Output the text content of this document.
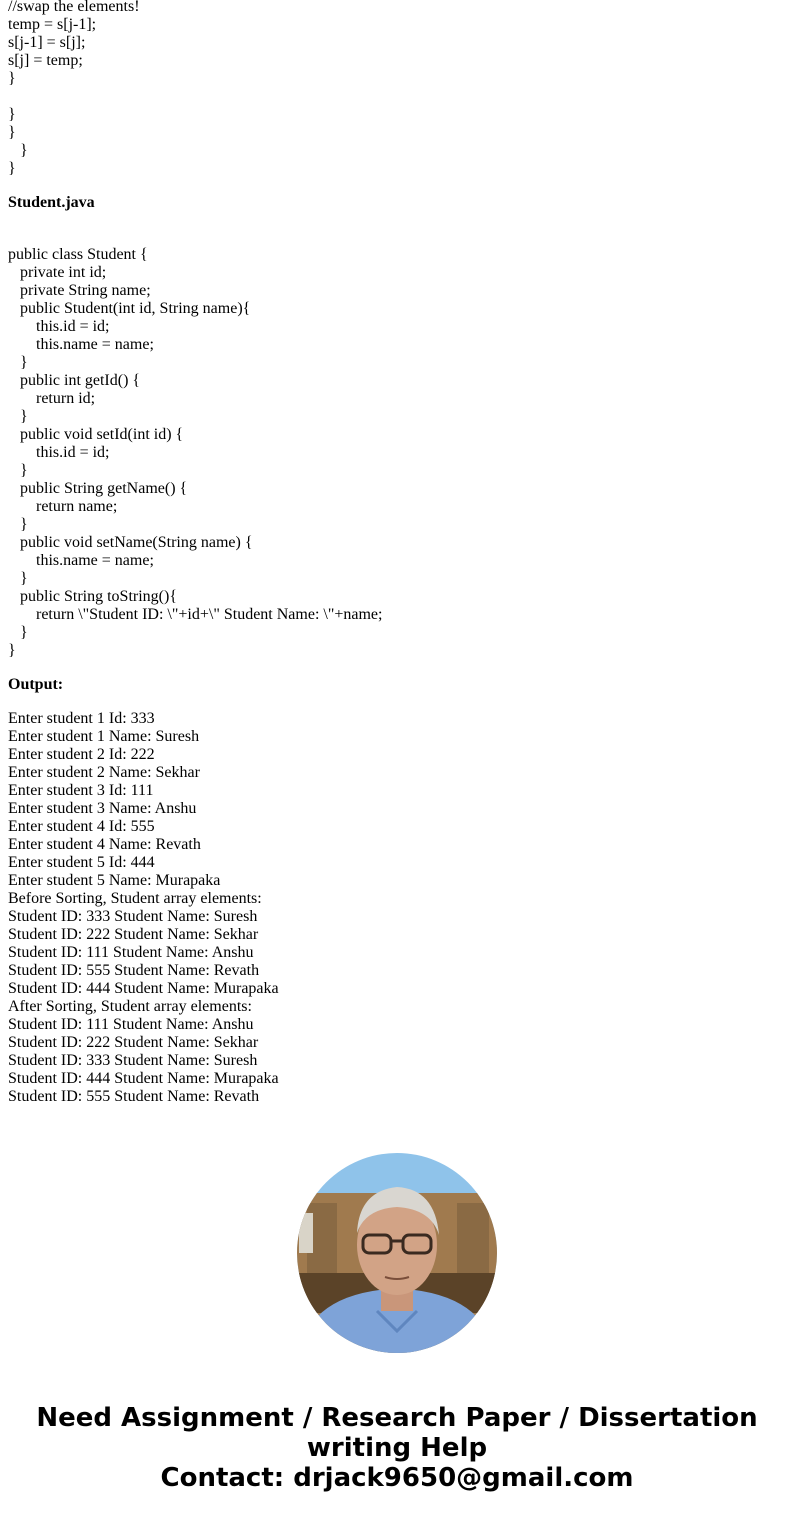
//swap the elements!
temp = s[j-1];
s[j-1] = s[j];
s[j] = temp;
}
}
}
}
}
Student.java
public class Student {
private int id;
private String name;
public Student(int id, String name){
this.id = id;
this.name = name;
}
public int getId() {
return id;
}
public void setId(int id) {
this.id = id;
}
public String getName() {
return name;
}
public void setName(String name) {
this.name = name;
}
public String toString(){
return \"Student ID: \"+id+\" Student Name: \"+name;
}
}
Output:
Enter student 1 Id: 333
Enter student 1 Name: Suresh
Enter student 2 Id: 222
Enter student 2 Name: Sekhar
Enter student 3 Id: 111
Enter student 3 Name: Anshu
Enter student 4 Id: 555
Enter student 4 Name: Revath
Enter student 5 Id: 444
Enter student 5 Name: Murapaka
Before Sorting, Student array elements:
Student ID: 333 Student Name: Suresh
Student ID: 222 Student Name: Sekhar
Student ID: 111 Student Name: Anshu
Student ID: 555 Student Name: Revath
Student ID: 444 Student Name: Murapaka
After Sorting, Student array elements:
Student ID: 111 Student Name: Anshu
Student ID: 222 Student Name: Sekhar
Student ID: 333 Student Name: Suresh
Student ID: 444 Student Name: Murapaka
Student ID: 555 Student Name: Revath
Need Assignment / Research Paper / Dissertation
writing Help
Contact: drjack9650@gmail.com
